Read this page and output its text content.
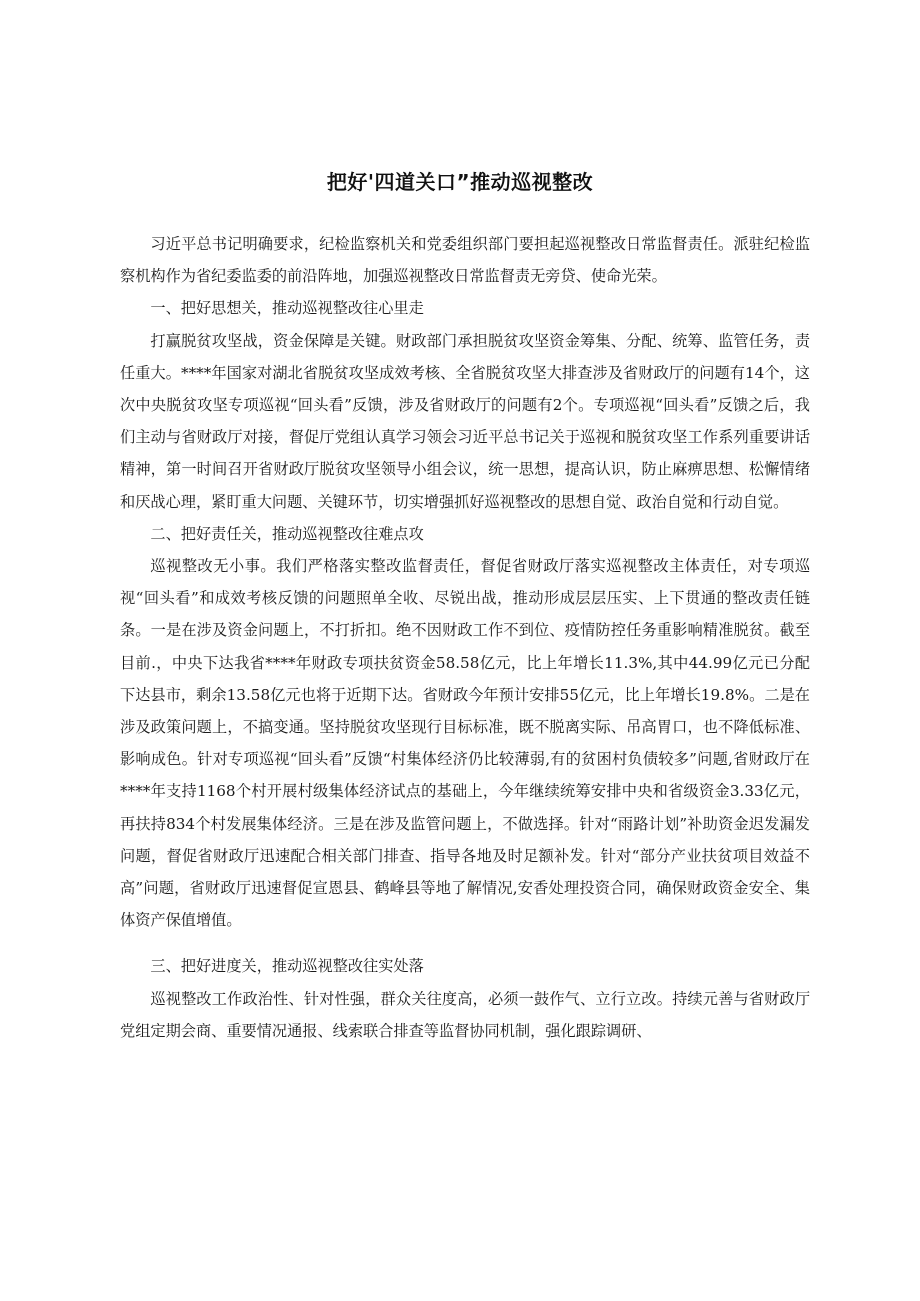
把好'四道关口”推动巡视整改

习近平总书记明确要求，纪检监察机关和党委组织部门要担起巡视整改日常监督责任。派驻纪检监察机构作为省纪委监委的前沿阵地，加强巡视整改日常监督责无旁贷、使命光荣。

一、把好思想关，推动巡视整改往心里走

打赢脱贫攻坚战，资金保障是关键。财政部门承担脱贫攻坚资金筹集、分配、统筹、监管任务，责任重大。****年国家对湖北省脱贫攻坚成效考核、全省脱贫攻坚大排查涉及省财政厅的问题有14个，这次中央脱贫攻坚专项巡视“回头看”反馈，涉及省财政厅的问题有2个。专项巡视“回头看”反馈之后，我们主动与省财政厅对接，督促厅党组认真学习领会习近平总书记关于巡视和脱贫攻坚工作系列重要讲话精神，第一时间召开省财政厅脱贫攻坚领导小组会议，统一思想，提高认识，防止麻痹思想、松懈情绪和厌战心理，紧盯重大问题、关键环节，切实增强抓好巡视整改的思想自觉、政治自觉和行动自觉。

二、把好责任关，推动巡视整改往难点攻

巡视整改无小事。我们严格落实整改监督责任，督促省财政厅落实巡视整改主体责任，对专项巡视“回头看”和成效考核反馈的问题照单全收、尽锐出战，推动形成层层压实、上下贯通的整改责任链条。一是在涉及资金问题上，不打折扣。绝不因财政工作不到位、疫情防控任务重影响精准脱贫。截至目前.，中央下达我省****年财政专项扶贫资金58.58亿元，比上年增长11.3%,其中44.99亿元已分配下达县市，剩余13.58亿元也将于近期下达。省财政今年预计安排55亿元，比上年增长19.8%。二是在涉及政策问题上，不搞变通。坚持脱贫攻坚现行目标标准，既不脱离实际、吊高胃口，也不降低标准、影响成色。针对专项巡视“回头看”反馈“村集体经济仍比较薄弱,有的贫困村负债较多”问题,省财政厅在****年支持1168个村开展村级集体经济试点的基础上，今年继续统筹安排中央和省级资金3.33亿元，再扶持834个村发展集体经济。三是在涉及监管问题上，不做选择。针对“雨路计划”补助资金迟发漏发问题，督促省财政厅迅速配合相关部门排查、指导各地及时足额补发。针对“部分产业扶贫项目效益不高”问题，省财政厅迅速督促宣恩县、鹤峰县等地了解情况,安香处理投资合同，确保财政资金安全、集体资产保值增值。

三、把好进度关，推动巡视整改往实处落

巡视整改工作政治性、针对性强，群众关往度高，必须一鼓作气、立行立改。持续元善与省财政厅党组定期会商、重要情况通报、线索联合排查等监督协同机制，强化跟踪调研、
